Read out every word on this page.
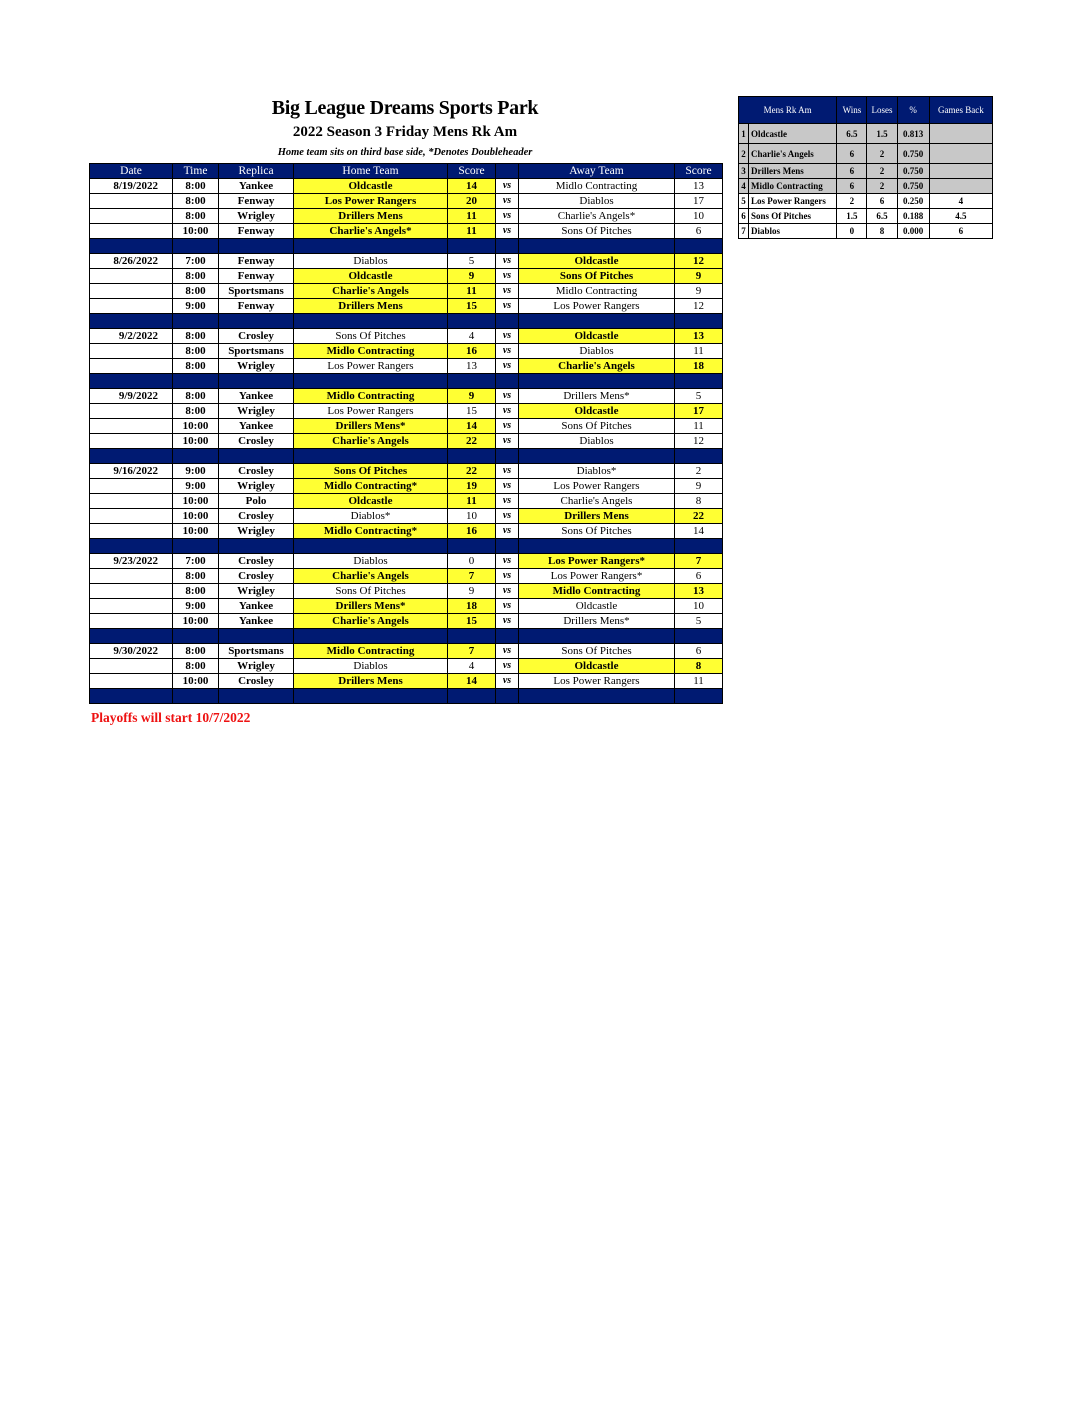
Big League Dreams Sports Park
2022 Season 3 Friday Mens Rk Am
Home team sits on third base side, *Denotes Doubleheader
Date	Time	Replica	Home Team	Score		Away Team	Score
8/19/2022	8:00	Yankee	Oldcastle	14	vs	Midlo Contracting	13
	8:00	Fenway	Los Power Rangers	20	vs	Diablos	17
	8:00	Wrigley	Drillers Mens	11	vs	Charlie's Angels*	10
	10:00	Fenway	Charlie's Angels*	11	vs	Sons Of Pitches	6

8/26/2022	7:00	Fenway	Diablos	5	vs	Oldcastle	12
	8:00	Fenway	Oldcastle	9	vs	Sons Of Pitches	9
	8:00	Sportsmans	Charlie's Angels	11	vs	Midlo Contracting	9
	9:00	Fenway	Drillers Mens	15	vs	Los Power Rangers	12

9/2/2022	8:00	Crosley	Sons Of Pitches	4	vs	Oldcastle	13
	8:00	Sportsmans	Midlo Contracting	16	vs	Diablos	11
	8:00	Wrigley	Los Power Rangers	13	vs	Charlie's Angels	18

9/9/2022	8:00	Yankee	Midlo Contracting	9	vs	Drillers Mens*	5
	8:00	Wrigley	Los Power Rangers	15	vs	Oldcastle	17
	10:00	Yankee	Drillers Mens*	14	vs	Sons Of Pitches	11
	10:00	Crosley	Charlie's Angels	22	vs	Diablos	12

9/16/2022	9:00	Crosley	Sons Of Pitches	22	vs	Diablos*	2
	9:00	Wrigley	Midlo Contracting*	19	vs	Los Power Rangers	9
	10:00	Polo	Oldcastle	11	vs	Charlie's Angels	8
	10:00	Crosley	Diablos*	10	vs	Drillers Mens	22
	10:00	Wrigley	Midlo Contracting*	16	vs	Sons Of Pitches	14

9/23/2022	7:00	Crosley	Diablos	0	vs	Los Power Rangers*	7
	8:00	Crosley	Charlie's Angels	7	vs	Los Power Rangers*	6
	8:00	Wrigley	Sons Of Pitches	9	vs	Midlo Contracting	13
	9:00	Yankee	Drillers Mens*	18	vs	Oldcastle	10
	10:00	Yankee	Charlie's Angels	15	vs	Drillers Mens*	5

9/30/2022	8:00	Sportsmans	Midlo Contracting	7	vs	Sons Of Pitches	6
	8:00	Wrigley	Diablos	4	vs	Oldcastle	8
	10:00	Crosley	Drillers Mens	14	vs	Los Power Rangers	11

Playoffs will start 10/7/2022
Mens Rk Am		Wins	Loses	%	Games Back
1	Oldcastle	6.5	1.5	0.813	
2	Charlie's Angels	6	2	0.750	
3	Drillers Mens	6	2	0.750	
4	Midlo Contracting	6	2	0.750	
5	Los Power Rangers	2	6	0.250	4
6	Sons Of Pitches	1.5	6.5	0.188	4.5
7	Diablos	0	8	0.000	6
